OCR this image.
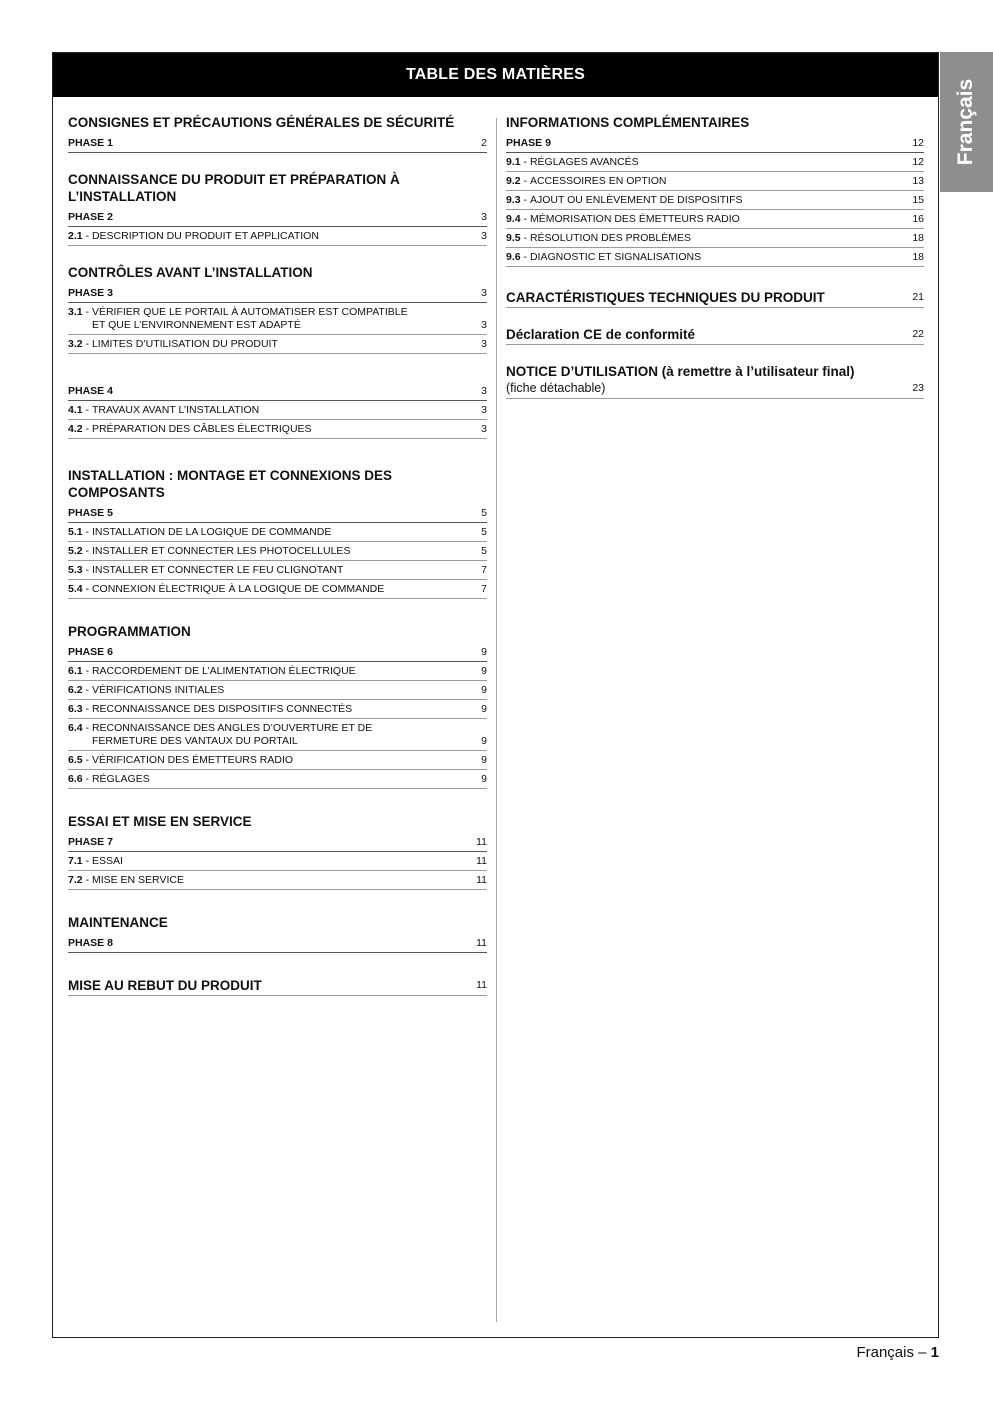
TABLE DES MATIÈRES
Français
CONSIGNES ET PRÉCAUTIONS GÉNÉRALES DE SÉCURITÉ
PHASE 1	2
CONNAISSANCE DU PRODUIT ET PRÉPARATION À L’INSTALLATION
PHASE 2	3
2.1 - DESCRIPTION DU PRODUIT ET APPLICATION	3
CONTRÔLES AVANT L’INSTALLATION
PHASE 3	3
3.1 - VÉRIFIER QUE LE PORTAIL À AUTOMATISER EST COMPATIBLE
ET QUE L’ENVIRONNEMENT EST ADAPTÉ	3
3.2 - LIMITES D’UTILISATION DU PRODUIT	3
PHASE 4	3
4.1 - TRAVAUX AVANT L’INSTALLATION	3
4.2 - PRÉPARATION DES CÂBLES ÉLECTRIQUES	3
INSTALLATION : MONTAGE ET CONNEXIONS DES COMPOSANTS
PHASE 5	5
5.1 - INSTALLATION DE LA LOGIQUE DE COMMANDE	5
5.2 - INSTALLER ET CONNECTER LES PHOTOCELLULES	5
5.3 - INSTALLER ET CONNECTER LE FEU CLIGNOTANT	7
5.4 - CONNEXION ÉLECTRIQUE À LA LOGIQUE DE COMMANDE	7
PROGRAMMATION
PHASE 6	9
6.1 - RACCORDEMENT DE L’ALIMENTATION ÉLECTRIQUE	9
6.2 - VÉRIFICATIONS INITIALES	9
6.3 - RECONNAISSANCE DES DISPOSITIFS CONNECTÉS	9
6.4 - RECONNAISSANCE DES ANGLES D’OUVERTURE ET DE
FERMETURE DES VANTAUX DU PORTAIL	9
6.5 - VÉRIFICATION DES ÉMETTEURS RADIO	9
6.6 - RÉGLAGES	9
ESSAI ET MISE EN SERVICE
PHASE 7	11
7.1 - ESSAI	11
7.2 - MISE EN SERVICE	11
MAINTENANCE
PHASE 8	11
MISE AU REBUT DU PRODUIT	11
INFORMATIONS COMPLÉMENTAIRES
PHASE 9	12
9.1 - RÉGLAGES AVANCÉS	12
9.2 - ACCESSOIRES EN OPTION	13
9.3 - AJOUT OU ENLÈVEMENT DE DISPOSITIFS	15
9.4 - MÉMORISATION DES ÉMETTEURS RADIO	16
9.5 - RÉSOLUTION DES PROBLÈMES	18
9.6 - DIAGNOSTIC ET SIGNALISATIONS	18
CARACTÉRISTIQUES TECHNIQUES DU PRODUIT	21
Déclaration CE de conformité	22
NOTICE D’UTILISATION (à remettre à l’utilisateur final)
(fiche détachable)	23
Français – 1
